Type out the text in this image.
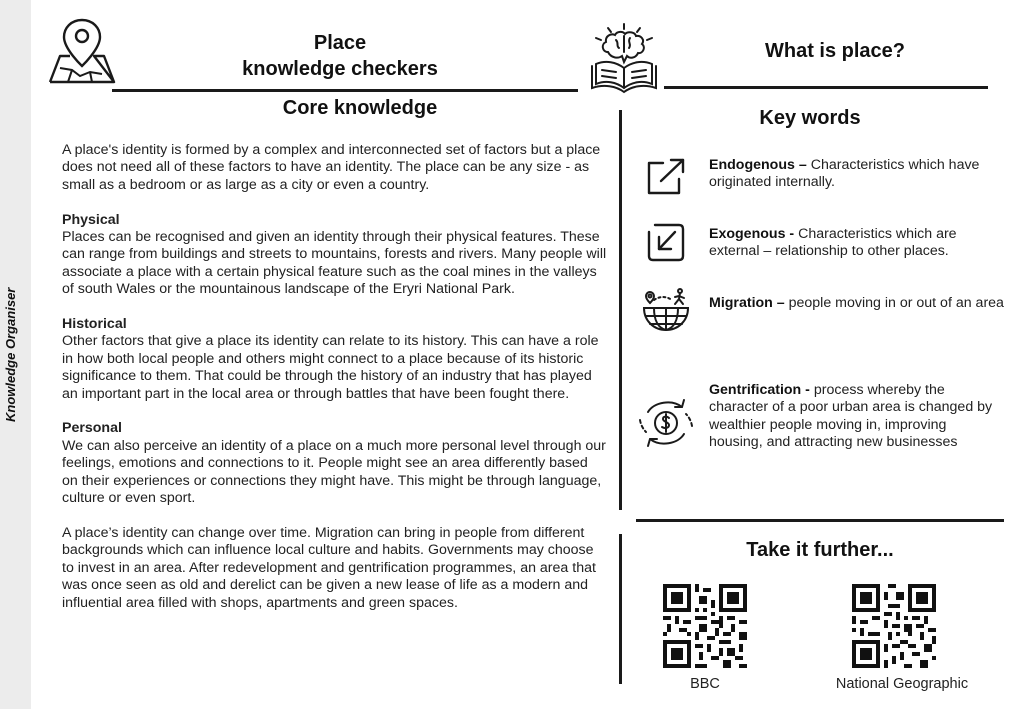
Knowledge Organiser
Place
knowledge checkers
What is place?
Core knowledge

A place's identity is formed by a complex and interconnected set of factors but a place does not need all of these factors to have an identity. The place can be any size - as small as a bedroom or as large as a city or even a country.

Physical
Places can be recognised and given an identity through their physical features. These can range from buildings and streets to mountains, forests and rivers. Many people will associate a place with a certain physical feature such as the coal mines in the valleys of south Wales or the mountainous landscape of the Eryri National Park.

Historical
Other factors that give a place its identity can relate to its history. This can have a role in how both local people and others might connect to a place because of its historic significance to them. That could be through the history of an industry that has played an important part in the local area or through battles that have been fought there.

Personal
We can also perceive an identity of a place on a much more personal level through our feelings, emotions and connections to it. People might see an area differently based on their experiences or connections they might have. This might be through language, culture or even sport.

A place’s identity can change over time. Migration can bring in people from different backgrounds which can influence local culture and habits. Governments may choose to invest in an area. After redevelopment and gentrification programmes, an area that was once seen as old and derelict can be given a new lease of life as a modern and influential area filled with shops, apartments and green spaces.

Key words
Endogenous – Characteristics which have originated internally.
Exogenous - Characteristics which are external – relationship to other places.
Migration – people moving in or out of an area
Gentrification - process whereby the character of a poor urban area is changed by wealthier people moving in, improving housing, and attracting new businesses
Take it further...
BBC	National Geographic
